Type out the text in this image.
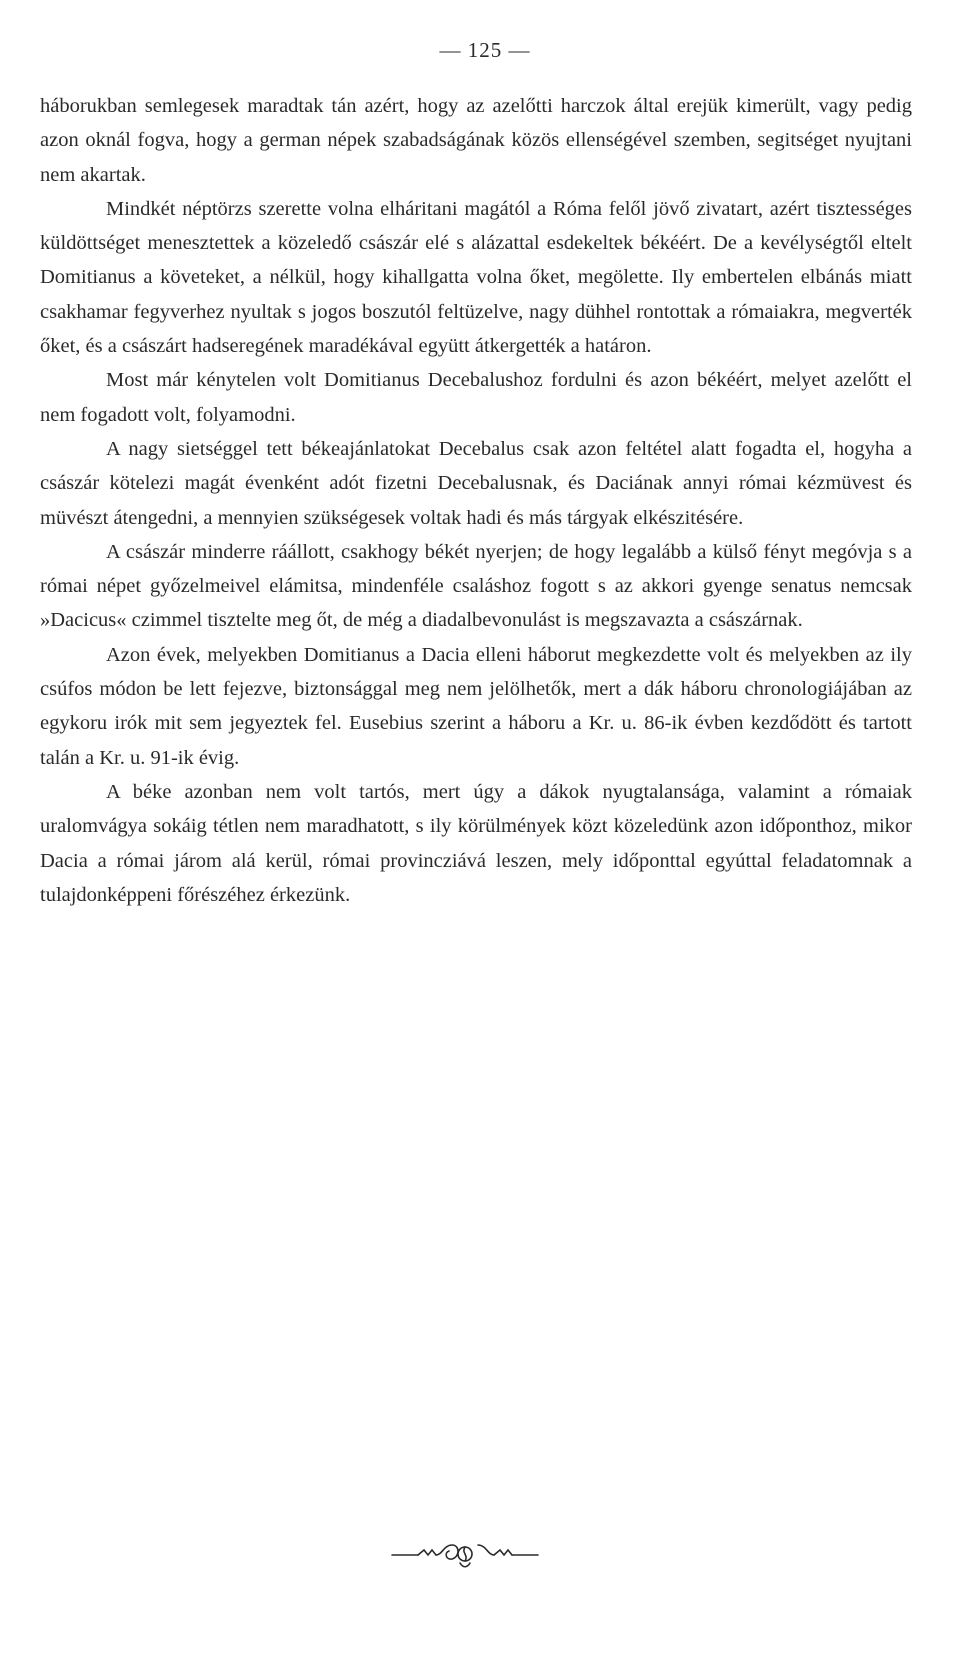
— 125 —

háborukban semlegesek maradtak tán azért, hogy az azelőtti harczok által erejük kimerült, vagy pedig azon oknál fogva, hogy a german népek szabadságának közös ellenségével szemben, segitséget nyujtani nem akartak.

Mindkét néptörzs szerette volna elháritani magától a Róma felől jövő zivatart, azért tisztességes küldöttséget menesztettek a közeledő császár elé s alázattal esdekeltek békéért. De a kevélységtől eltelt Domitianus a követeket, a nélkül, hogy kihallgatta volna őket, megölette. Ily embertelen elbánás miatt csakhamar fegyverhez nyultak s jogos boszutól feltüzelve, nagy dühhel rontottak a rómaiakra, megverték őket, és a császárt hadseregének maradékával együtt átkergették a határon.

Most már kénytelen volt Domitianus Decebalushoz fordulni és azon békéért, melyet azelőtt el nem fogadott volt, folyamodni.

A nagy sietséggel tett békeajánlatokat Decebalus csak azon feltétel alatt fogadta el, hogyha a császár kötelezi magát évenként adót fizetni Decebalusnak, és Daciának annyi római kézmüvest és müvészt átengedni, a mennyien szükségesek voltak hadi és más tárgyak elkészitésére.

A császár minderre ráállott, csakhogy békét nyerjen; de hogy legalább a külső fényt megóvja s a római népet győzelmeivel elámitsa, mindenféle csaláshoz fogott s az akkori gyenge senatus nemcsak »Dacicus« czimmel tisztelte meg őt, de még a diadalbevonulást is megszavazta a császárnak.

Azon évek, melyekben Domitianus a Dacia elleni háborut megkezdette volt és melyekben az ily csúfos módon be lett fejezve, biztonsággal meg nem jelölhetők, mert a dák háboru chronologiájában az egykoru irók mit sem jegyeztek fel. Eusebius szerint a háboru a Kr. u. 86-ik évben kezdődött és tartott talán a Kr. u. 91-ik évig.

A béke azonban nem volt tartós, mert úgy a dákok nyugtalansága, valamint a rómaiak uralomvágya sokáig tétlen nem maradhatott, s ily körülmények közt közeledünk azon időponthoz, mikor Dacia a római járom alá kerül, római provincziává leszen, mely időponttal egyúttal feladatomnak a tulajdonképpeni főrészéhez érkezünk.
